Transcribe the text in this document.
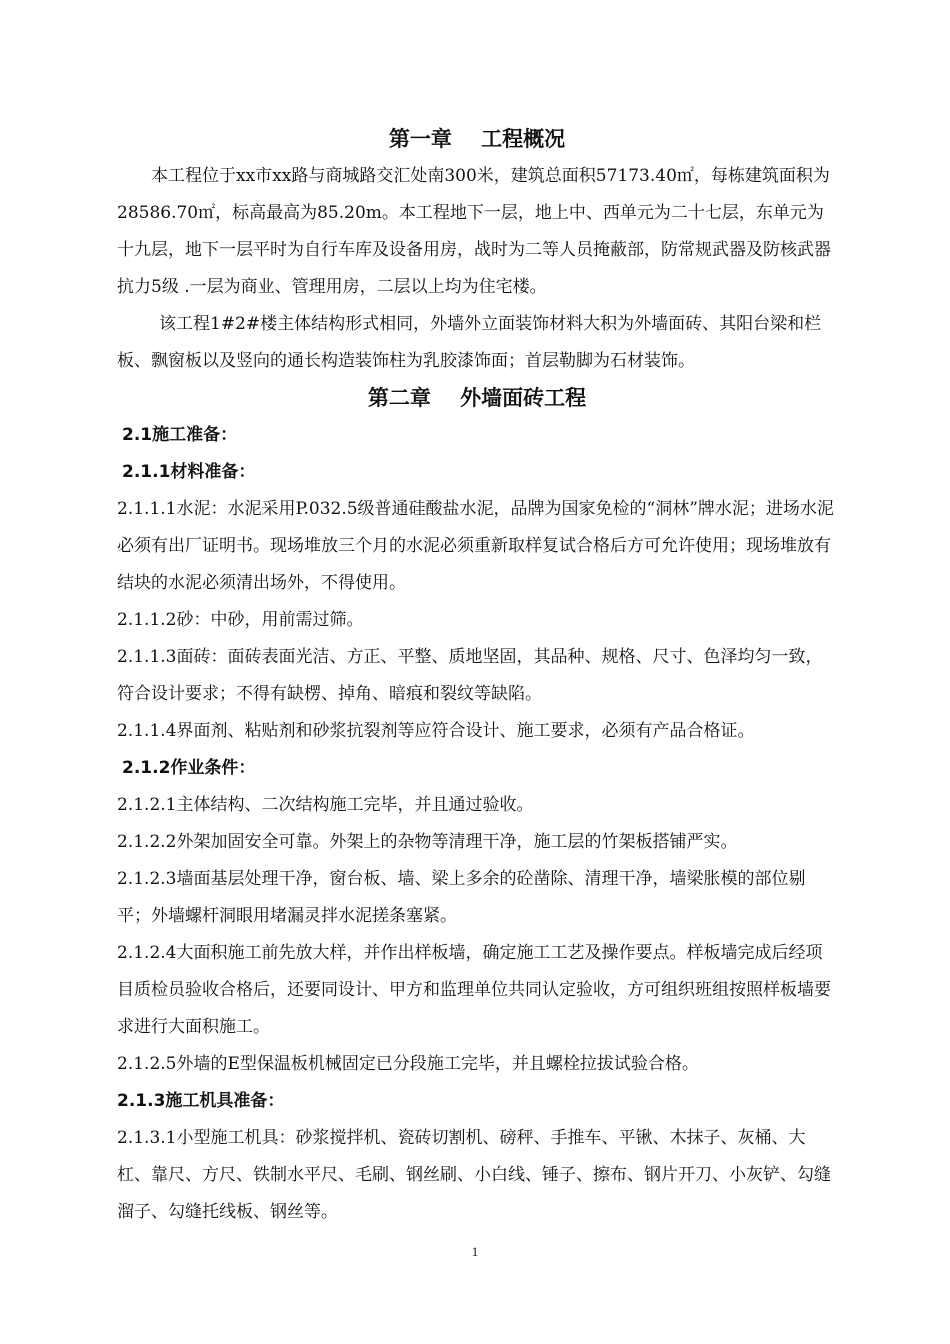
第一章    工程概况

本工程位于xx市xx路与商城路交汇处南300米，建筑总面积57173.40㎡，每栋建筑面积为28586.70㎡，标高最高为85.20m。本工程地下一层，地上中、西单元为二十七层，东单元为十九层，地下一层平时为自行车库及设备用房，战时为二等人员掩蔽部，防常规武器及防核武器抗力5级 .一层为商业、管理用房，二层以上均为住宅楼。

该工程1#2#楼主体结构形式相同，外墙外立面装饰材料大积为外墙面砖、其阳台梁和栏板、飘窗板以及竖向的通长构造装饰柱为乳胶漆饰面；首层勒脚为石材装饰。

第二章    外墙面砖工程
2.1施工准备：
2.1.1材料准备：

2.1.1.1水泥：水泥采用P.032.5级普通硅酸盐水泥，品牌为国家免检的“洞林”牌水泥；进场水泥必须有出厂证明书。现场堆放三个月的水泥必须重新取样复试合格后方可允许使用；现场堆放有结块的水泥必须清出场外，不得使用。

2.1.1.2砂：中砂，用前需过筛。

2.1.1.3面砖：面砖表面光洁、方正、平整、质地坚固，其品种、规格、尺寸、色泽均匀一致，符合设计要求；不得有缺楞、掉角、暗痕和裂纹等缺陷。

2.1.1.4界面剂、粘贴剂和砂浆抗裂剂等应符合设计、施工要求，必须有产品合格证。

2.1.2作业条件：

2.1.2.1主体结构、二次结构施工完毕，并且通过验收。

2.1.2.2外架加固安全可靠。外架上的杂物等清理干净，施工层的竹架板搭铺严实。

2.1.2.3墙面基层处理干净，窗台板、墙、梁上多余的砼凿除、清理干净，墙梁胀模的部位剔平；外墙螺杆洞眼用堵漏灵拌水泥搓条塞紧。

2.1.2.4大面积施工前先放大样，并作出样板墙，确定施工工艺及操作要点。样板墙完成后经项目质检员验收合格后，还要同设计、甲方和监理单位共同认定验收，方可组织班组按照样板墙要求进行大面积施工。

2.1.2.5外墙的E型保温板机械固定已分段施工完毕，并且螺栓拉拔试验合格。

2.1.3施工机具准备：

2.1.3.1小型施工机具：砂浆搅拌机、瓷砖切割机、磅秤、手推车、平锹、木抹子、灰桶、大杠、靠尺、方尺、铁制水平尺、毛刷、钢丝刷、小白线、锤子、擦布、钢片开刀、小灰铲、勾缝溜子、勾缝托线板、钢丝等。

1
